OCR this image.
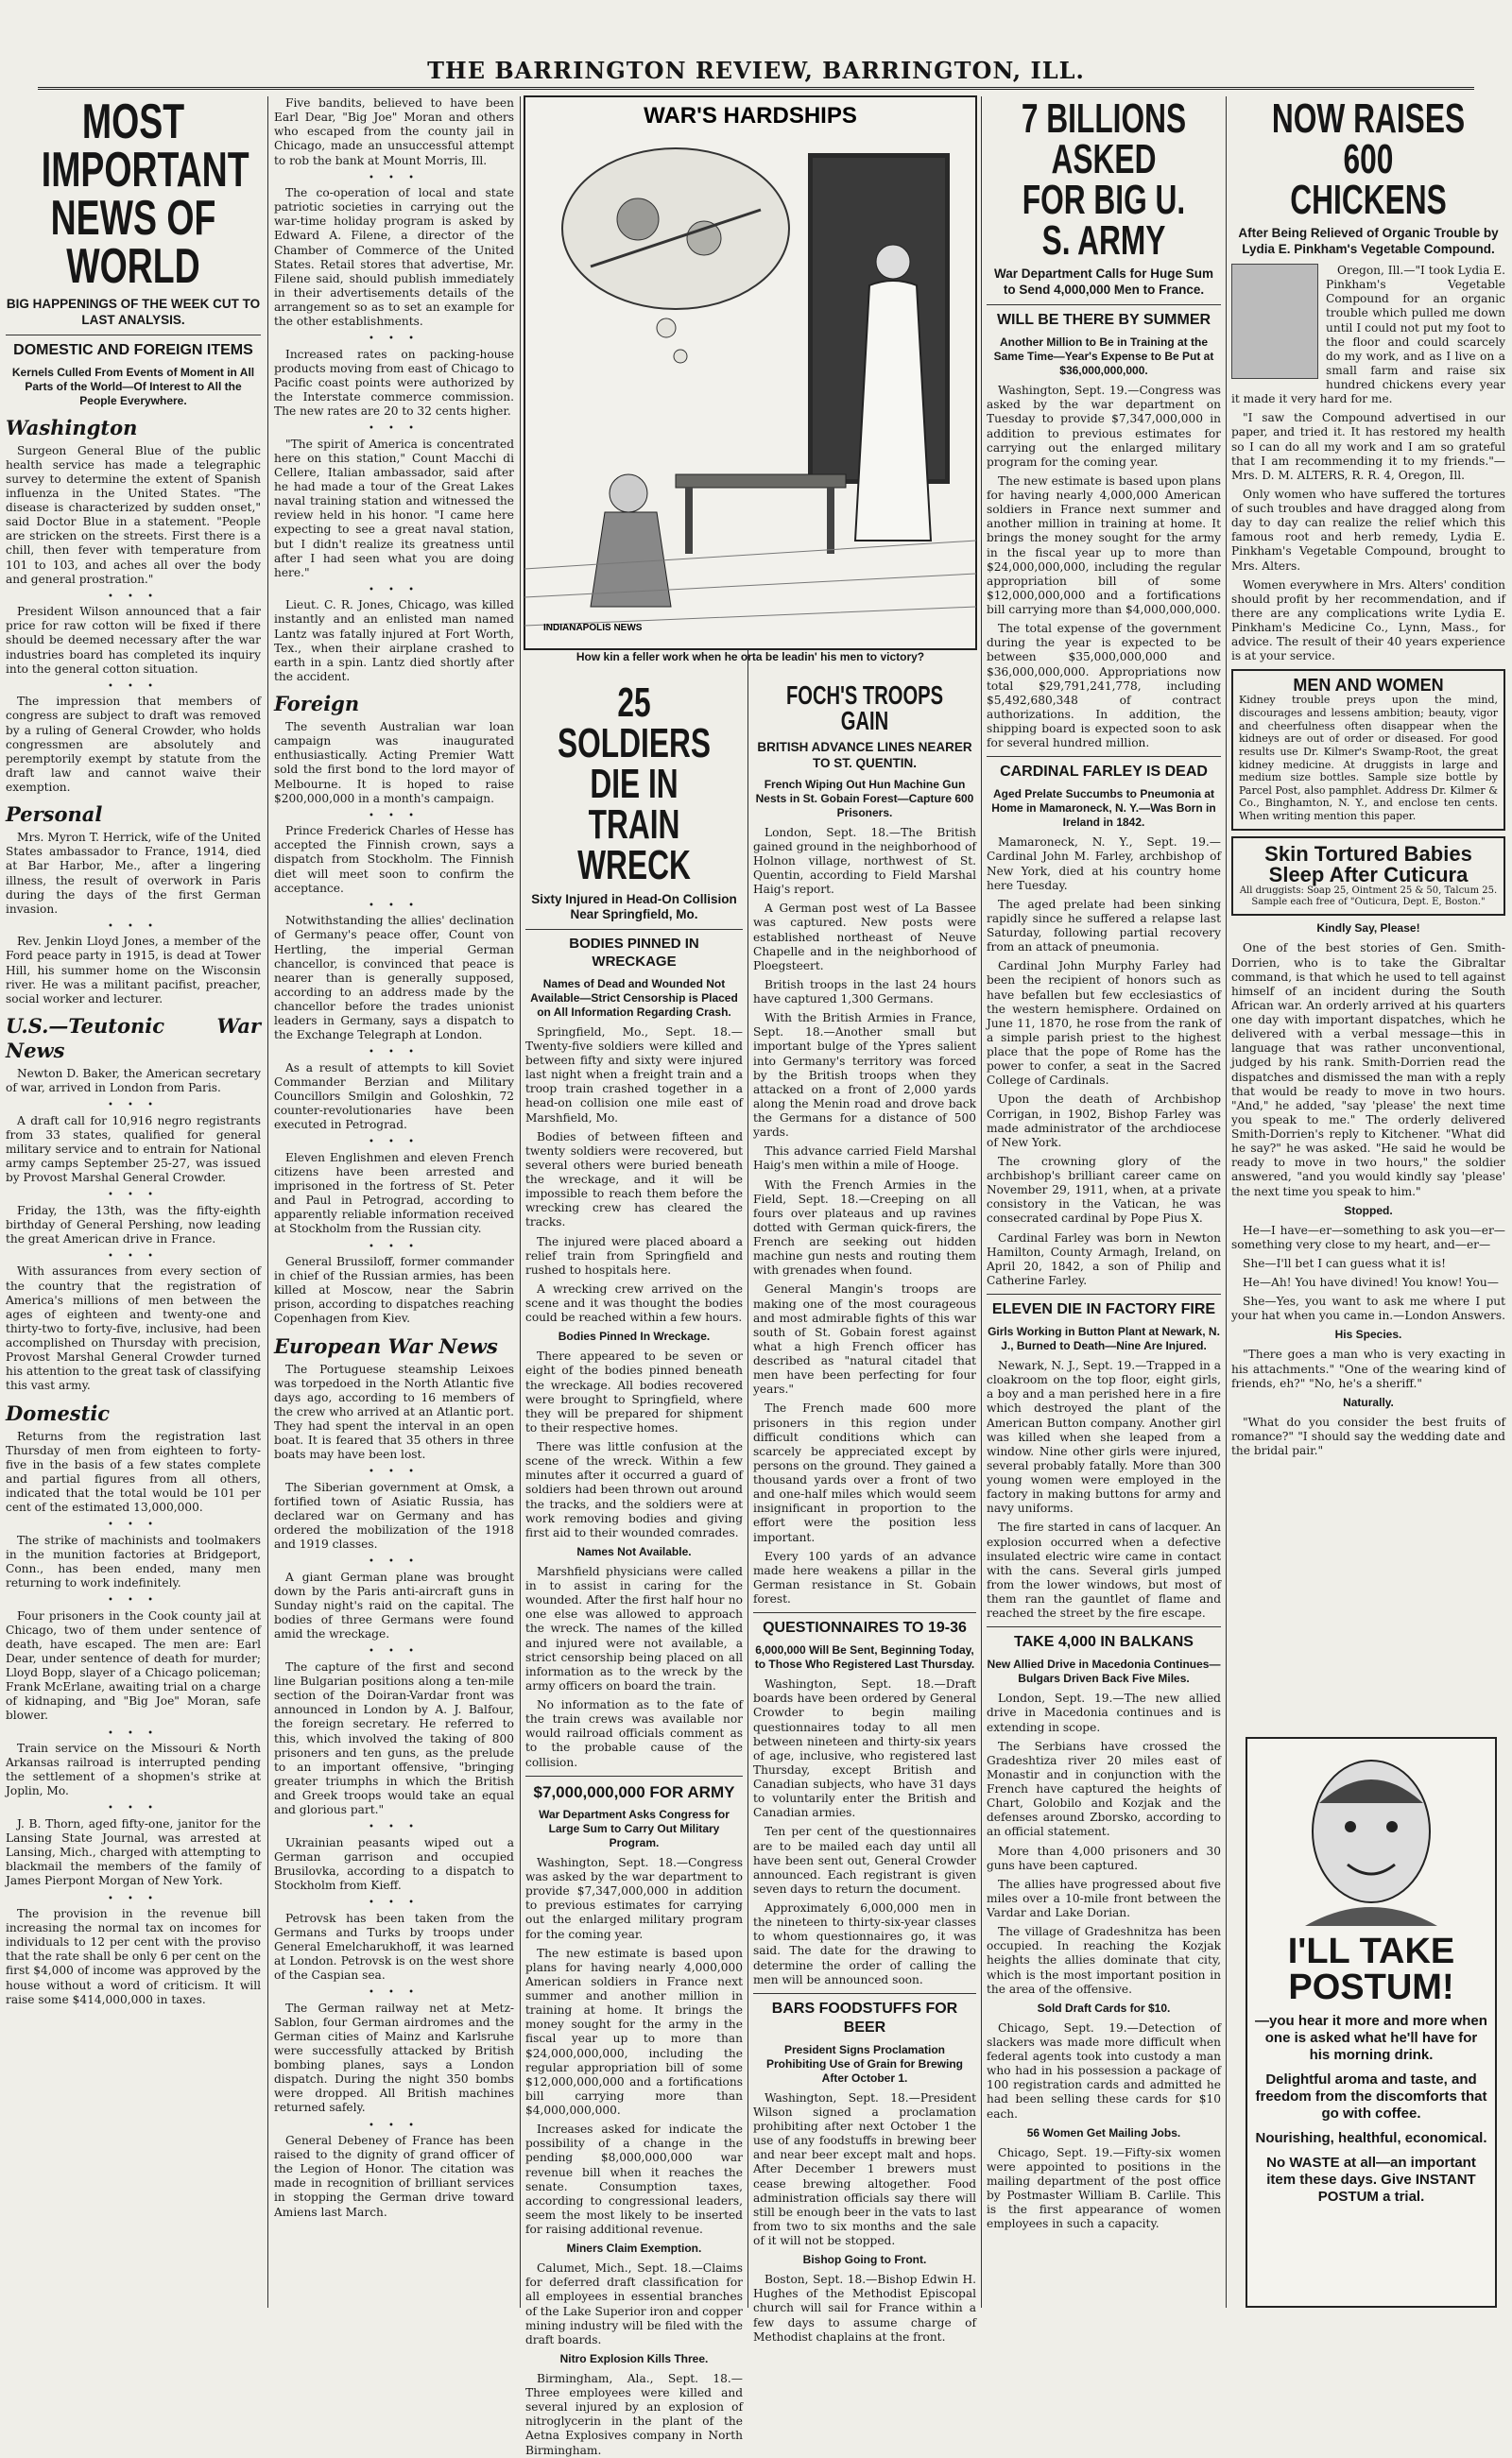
THE BARRINGTON REVIEW, BARRINGTON, ILL.
MOST IMPORTANT NEWS OF WORLD
BIG HAPPENINGS OF THE WEEK CUT TO LAST ANALYSIS.
DOMESTIC AND FOREIGN ITEMS
Kernels Culled From Events of Moment in All Parts of the World—Of Interest to All the People Everywhere.
Washington

Surgeon General Blue of the public health service has made a telegraphic survey to determine the extent of Spanish influenza in the United States. "The disease is characterized by sudden onset," said Doctor Blue in a statement. "People are stricken on the streets. First there is a chill, then fever with temperature from 101 to 103, and aches all over the body and general prostration."

• • •

President Wilson announced that a fair price for raw cotton will be fixed if there should be deemed necessary after the war industries board has completed its inquiry into the general cotton situation.

• • •

The impression that members of congress are subject to draft was removed by a ruling of General Crowder, who holds congressmen are absolutely and peremptorily exempt by statute from the draft law and cannot waive their exemption.

Personal

Mrs. Myron T. Herrick, wife of the United States ambassador to France, 1914, died at Bar Harbor, Me., after a lingering illness, the result of overwork in Paris during the days of the first German invasion.

• • •

Rev. Jenkin Lloyd Jones, a member of the Ford peace party in 1915, is dead at Tower Hill, his summer home on the Wisconsin river. He was a militant pacifist, preacher, social worker and lecturer.

U.S.—Teutonic War News

Newton D. Baker, the American secretary of war, arrived in London from Paris.

• • •

A draft call for 10,916 negro registrants from 33 states, qualified for general military service and to entrain for National army camps September 25-27, was issued by Provost Marshal General Crowder.

• • •

Friday, the 13th, was the fifty-eighth birthday of General Pershing, now leading the great American drive in France.

• • •

With assurances from every section of the country that the registration of America's millions of men between the ages of eighteen and twenty-one and thirty-two to forty-five, inclusive, had been accomplished on Thursday with precision, Provost Marshal General Crowder turned his attention to the great task of classifying this vast army.

Domestic

Returns from the registration last Thursday of men from eighteen to forty-five in the basis of a few states complete and partial figures from all others, indicated that the total would be 101 per cent of the estimated 13,000,000.

• • •

The strike of machinists and toolmakers in the munition factories at Bridgeport, Conn., has been ended, many men returning to work indefinitely.

• • •

Four prisoners in the Cook county jail at Chicago, two of them under sentence of death, have escaped. The men are: Earl Dear, under sentence of death for murder; Lloyd Bopp, slayer of a Chicago policeman; Frank McErlane, awaiting trial on a charge of kidnaping, and "Big Joe" Moran, safe blower.

• • •

Train service on the Missouri & North Arkansas railroad is interrupted pending the settlement of a shopmen's strike at Joplin, Mo.

• • •

J. B. Thorn, aged fifty-one, janitor for the Lansing State Journal, was arrested at Lansing, Mich., charged with attempting to blackmail the members of the family of James Pierpont Morgan of New York.

• • •

The provision in the revenue bill increasing the normal tax on incomes for individuals to 12 per cent with the proviso that the rate shall be only 6 per cent on the first $4,000 of income was approved by the house without a word of criticism. It will raise some $414,000,000 in taxes.

Five bandits, believed to have been Earl Dear, "Big Joe" Moran and others who escaped from the county jail in Chicago, made an unsuccessful attempt to rob the bank at Mount Morris, Ill.

• • •

The co-operation of local and state patriotic societies in carrying out the war-time holiday program is asked by Edward A. Filene, a director of the Chamber of Commerce of the United States. Retail stores that advertise, Mr. Filene said, should publish immediately in their advertisements details of the arrangement so as to set an example for the other establishments.

• • •

Increased rates on packing-house products moving from east of Chicago to Pacific coast points were authorized by the Interstate commerce commission. The new rates are 20 to 32 cents higher.

• • •

"The spirit of America is concentrated here on this station," Count Macchi di Cellere, Italian ambassador, said after he had made a tour of the Great Lakes naval training station and witnessed the review held in his honor. "I came here expecting to see a great naval station, but I didn't realize its greatness until after I had seen what you are doing here."

• • •

Lieut. C. R. Jones, Chicago, was killed instantly and an enlisted man named Lantz was fatally injured at Fort Worth, Tex., when their airplane crashed to earth in a spin. Lantz died shortly after the accident.

Foreign

The seventh Australian war loan campaign was inaugurated enthusiastically. Acting Premier Watt sold the first bond to the lord mayor of Melbourne. It is hoped to raise $200,000,000 in a month's campaign.

• • •

Prince Frederick Charles of Hesse has accepted the Finnish crown, says a dispatch from Stockholm. The Finnish diet will meet soon to confirm the acceptance.

• • •

Notwithstanding the allies' declination of Germany's peace offer, Count von Hertling, the imperial German chancellor, is convinced that peace is nearer than is generally supposed, according to an address made by the chancellor before the trades unionist leaders in Germany, says a dispatch to the Exchange Telegraph at London.

• • •

As a result of attempts to kill Soviet Commander Berzian and Military Councillors Smilgin and Goloshkin, 72 counter-revolutionaries have been executed in Petrograd.

• • •

Eleven Englishmen and eleven French citizens have been arrested and imprisoned in the fortress of St. Peter and Paul in Petrograd, according to apparently reliable information received at Stockholm from the Russian city.

• • •

General Brussiloff, former commander in chief of the Russian armies, has been killed at Moscow, near the Sabrin prison, according to dispatches reaching Copenhagen from Kiev.

European War News

The Portuguese steamship Leixoes was torpedoed in the North Atlantic five days ago, according to 16 members of the crew who arrived at an Atlantic port. They had spent the interval in an open boat. It is feared that 35 others in three boats may have been lost.

• • •

The Siberian government at Omsk, a fortified town of Asiatic Russia, has declared war on Germany and has ordered the mobilization of the 1918 and 1919 classes.

• • •

A giant German plane was brought down by the Paris anti-aircraft guns in Sunday night's raid on the capital. The bodies of three Germans were found amid the wreckage.

• • •

The capture of the first and second line Bulgarian positions along a ten-mile section of the Doiran-Vardar front was announced in London by A. J. Balfour, the foreign secretary. He referred to this, which involved the taking of 800 prisoners and ten guns, as the prelude to an important offensive, "bringing greater triumphs in which the British and Greek troops would take an equal and glorious part."

• • •

Ukrainian peasants wiped out a German garrison and occupied Brusilovka, according to a dispatch to Stockholm from Kieff.

• • •

Petrovsk has been taken from the Germans and Turks by troops under General Emelcharukhoff, it was learned at London. Petrovsk is on the west shore of the Caspian sea.

• • •

The German railway net at Metz-Sablon, four German airdromes and the German cities of Mainz and Karlsruhe were successfully attacked by British bombing planes, says a London dispatch. During the night 350 bombs were dropped. All British machines returned safely.

• • •

General Debeney of France has been raised to the dignity of grand officer of the Legion of Honor. The citation was made in recognition of brilliant services in stopping the German drive toward Amiens last March.

WAR'S HARDSHIPS
INDIANAPOLIS NEWS
How kin a feller work when he orta be leadin' his men to victory?
25 SOLDIERS DIE IN TRAIN WRECK
Sixty Injured in Head-On Collision Near Springfield, Mo.
BODIES PINNED IN WRECKAGE
Names of Dead and Wounded Not Available—Strict Censorship is Placed on All Information Regarding Crash.

Springfield, Mo., Sept. 18.—Twenty-five soldiers were killed and between fifty and sixty were injured last night when a freight train and a troop train crashed together in a head-on collision one mile east of Marshfield, Mo.

Bodies of between fifteen and twenty soldiers were recovered, but several others were buried beneath the wreckage, and it will be impossible to reach them before the wrecking crew has cleared the tracks.

The injured were placed aboard a relief train from Springfield and rushed to hospitals here.

A wrecking crew arrived on the scene and it was thought the bodies could be reached within a few hours.

Bodies Pinned In Wreckage.

There appeared to be seven or eight of the bodies pinned beneath the wreckage. All bodies recovered were brought to Springfield, where they will be prepared for shipment to their respective homes.

There was little confusion at the scene of the wreck. Within a few minutes after it occurred a guard of soldiers had been thrown out around the tracks, and the soldiers were at work removing bodies and giving first aid to their wounded comrades.

Names Not Available.

Marshfield physicians were called in to assist in caring for the wounded. After the first half hour no one else was allowed to approach the wreck. The names of the killed and injured were not available, a strict censorship being placed on all information as to the wreck by the army officers on board the train.

No information as to the fate of the train crews was available nor would railroad officials comment as to the probable cause of the collision.

$7,000,000,000 FOR ARMY
War Department Asks Congress for Large Sum to Carry Out Military Program.

Washington, Sept. 18.—Congress was asked by the war department to provide $7,347,000,000 in addition to previous estimates for carrying out the enlarged military program for the coming year.

The new estimate is based upon plans for having nearly 4,000,000 American soldiers in France next summer and another million in training at home. It brings the money sought for the army in the fiscal year up to more than $24,000,000,000, including the regular appropriation bill of some $12,000,000,000 and a fortifications bill carrying more than $4,000,000,000.

Increases asked for indicate the possibility of a change in the pending $8,000,000,000 war revenue bill when it reaches the senate. Consumption taxes, according to congressional leaders, seem the most likely to be inserted for raising additional revenue.

Miners Claim Exemption.

Calumet, Mich., Sept. 18.—Claims for deferred draft classification for all employees in essential branches of the Lake Superior iron and copper mining industry will be filed with the draft boards.

Nitro Explosion Kills Three.

Birmingham, Ala., Sept. 18.—Three employees were killed and several injured by an explosion of nitroglycerin in the plant of the Aetna Explosives company in North Birmingham.

FOCH'S TROOPS GAIN
BRITISH ADVANCE LINES NEARER TO ST. QUENTIN.
French Wiping Out Hun Machine Gun Nests in St. Gobain Forest—Capture 600 Prisoners.

London, Sept. 18.—The British gained ground in the neighborhood of Holnon village, northwest of St. Quentin, according to Field Marshal Haig's report.

A German post west of La Bassee was captured. New posts were established northeast of Neuve Chapelle and in the neighborhood of Ploegsteert.

British troops in the last 24 hours have captured 1,300 Germans.

With the British Armies in France, Sept. 18.—Another small but important bulge of the Ypres salient into Germany's territory was forced by the British troops when they attacked on a front of 2,000 yards along the Menin road and drove back the Germans for a distance of 500 yards.

This advance carried Field Marshal Haig's men within a mile of Hooge.

With the French Armies in the Field, Sept. 18.—Creeping on all fours over plateaus and up ravines dotted with German quick-firers, the French are seeking out hidden machine gun nests and routing them with grenades when found.

General Mangin's troops are making one of the most courageous and most admirable fights of this war south of St. Gobain forest against what a high French officer has described as "natural citadel that men have been perfecting for four years."

The French made 600 more prisoners in this region under difficult conditions which can scarcely be appreciated except by persons on the ground. They gained a thousand yards over a front of two and one-half miles which would seem insignificant in proportion to the effort were the position less important.

Every 100 yards of an advance made here weakens a pillar in the German resistance in St. Gobain forest.

QUESTIONNAIRES TO 19-36
6,000,000 Will Be Sent, Beginning Today, to Those Who Registered Last Thursday.

Washington, Sept. 18.—Draft boards have been ordered by General Crowder to begin mailing questionnaires today to all men between nineteen and thirty-six years of age, inclusive, who registered last Thursday, except British and Canadian subjects, who have 31 days to voluntarily enter the British and Canadian armies.

Ten per cent of the questionnaires are to be mailed each day until all have been sent out, General Crowder announced. Each registrant is given seven days to return the document.

Approximately 6,000,000 men in the nineteen to thirty-six-year classes to whom questionnaires go, it was said. The date for the drawing to determine the order of calling the men will be announced soon.

BARS FOODSTUFFS FOR BEER
President Signs Proclamation Prohibiting Use of Grain for Brewing After October 1.

Washington, Sept. 18.—President Wilson signed a proclamation prohibiting after next October 1 the use of any foodstuffs in brewing beer and near beer except malt and hops. After December 1 brewers must cease brewing altogether. Food administration officials say there will still be enough beer in the vats to last from two to six months and the sale of it will not be stopped.

Bishop Going to Front.

Boston, Sept. 18.—Bishop Edwin H. Hughes of the Methodist Episcopal church will sail for France within a few days to assume charge of Methodist chaplains at the front.

7 BILLIONS ASKED FOR BIG U. S. ARMY
War Department Calls for Huge Sum to Send 4,000,000 Men to France.
WILL BE THERE BY SUMMER
Another Million to Be in Training at the Same Time—Year's Expense to Be Put at $36,000,000,000.

Washington, Sept. 19.—Congress was asked by the war department on Tuesday to provide $7,347,000,000 in addition to previous estimates for carrying out the enlarged military program for the coming year.

The new estimate is based upon plans for having nearly 4,000,000 American soldiers in France next summer and another million in training at home. It brings the money sought for the army in the fiscal year up to more than $24,000,000,000, including the regular appropriation bill of some $12,000,000,000 and a fortifications bill carrying more than $4,000,000,000.

The total expense of the government during the year is expected to be between $35,000,000,000 and $36,000,000,000. Appropriations now total $29,791,241,778, including $5,492,680,348 of contract authorizations. In addition, the shipping board is expected soon to ask for several hundred million.

CARDINAL FARLEY IS DEAD
Aged Prelate Succumbs to Pneumonia at Home in Mamaroneck, N. Y.—Was Born in Ireland in 1842.

Mamaroneck, N. Y., Sept. 19.—Cardinal John M. Farley, archbishop of New York, died at his country home here Tuesday.

The aged prelate had been sinking rapidly since he suffered a relapse last Saturday, following partial recovery from an attack of pneumonia.

Cardinal John Murphy Farley had been the recipient of honors such as have befallen but few ecclesiastics of the western hemisphere. Ordained on June 11, 1870, he rose from the rank of a simple parish priest to the highest place that the pope of Rome has the power to confer, a seat in the Sacred College of Cardinals.

Upon the death of Archbishop Corrigan, in 1902, Bishop Farley was made administrator of the archdiocese of New York.

The crowning glory of the archbishop's brilliant career came on November 29, 1911, when, at a private consistory in the Vatican, he was consecrated cardinal by Pope Pius X.

Cardinal Farley was born in Newton Hamilton, County Armagh, Ireland, on April 20, 1842, a son of Philip and Catherine Farley.

ELEVEN DIE IN FACTORY FIRE
Girls Working in Button Plant at Newark, N. J., Burned to Death—Nine Are Injured.

Newark, N. J., Sept. 19.—Trapped in a cloakroom on the top floor, eight girls, a boy and a man perished here in a fire which destroyed the plant of the American Button company. Another girl was killed when she leaped from a window. Nine other girls were injured, several probably fatally. More than 300 young women were employed in the factory in making buttons for army and navy uniforms.

The fire started in cans of lacquer. An explosion occurred when a defective insulated electric wire came in contact with the cans. Several girls jumped from the lower windows, but most of them ran the gauntlet of flame and reached the street by the fire escape.

TAKE 4,000 IN BALKANS
New Allied Drive in Macedonia Continues—Bulgars Driven Back Five Miles.

London, Sept. 19.—The new allied drive in Macedonia continues and is extending in scope.

The Serbians have crossed the Gradeshtiza river 20 miles east of Monastir and in conjunction with the French have captured the heights of Chart, Golobilo and Kozjak and the defenses around Zborsko, according to an official statement.

More than 4,000 prisoners and 30 guns have been captured.

The allies have progressed about five miles over a 10-mile front between the Vardar and Lake Dorian.

The village of Gradeshnitza has been occupied. In reaching the Kozjak heights the allies dominate that city, which is the most important position in the area of the offensive.

Sold Draft Cards for $10.

Chicago, Sept. 19.—Detection of slackers was made more difficult when federal agents took into custody a man who had in his possession a package of 100 registration cards and admitted he had been selling these cards for $10 each.

56 Women Get Mailing Jobs.

Chicago, Sept. 19.—Fifty-six women were appointed to positions in the mailing department of the post office by Postmaster William B. Carlile. This is the first appearance of women employees in such a capacity.

NOW RAISES 600 CHICKENS
After Being Relieved of Organic Trouble by Lydia E. Pinkham's Vegetable Compound.

Oregon, Ill.—"I took Lydia E. Pinkham's Vegetable Compound for an organic trouble which pulled me down until I could not put my foot to the floor and could scarcely do my work, and as I live on a small farm and raise six hundred chickens every year it made it very hard for me.

"I saw the Compound advertised in our paper, and tried it. It has restored my health so I can do all my work and I am so grateful that I am recommending it to my friends."—Mrs. D. M. ALTERS, R. R. 4, Oregon, Ill.

Only women who have suffered the tortures of such troubles and have dragged along from day to day can realize the relief which this famous root and herb remedy, Lydia E. Pinkham's Vegetable Compound, brought to Mrs. Alters.

Women everywhere in Mrs. Alters' condition should profit by her recommendation, and if there are any complications write Lydia E. Pinkham's Medicine Co., Lynn, Mass., for advice. The result of their 40 years experience is at your service.

MEN AND WOMEN
Kidney trouble preys upon the mind, discourages and lessens ambition; beauty, vigor and cheerfulness often disappear when the kidneys are out of order or diseased. For good results use Dr. Kilmer's Swamp-Root, the great kidney medicine. At druggists in large and medium size bottles. Sample size bottle by Parcel Post, also pamphlet. Address Dr. Kilmer & Co., Binghamton, N. Y., and enclose ten cents. When writing mention this paper.
Skin Tortured Babies Sleep After Cuticura
All druggists: Soap 25, Ointment 25 & 50, Talcum 25. Sample each free of "Outicura, Dept. E, Boston."
Kindly Say, Please!

One of the best stories of Gen. Smith-Dorrien, who is to take the Gibraltar command, is that which he used to tell against himself of an incident during the South African war. An orderly arrived at his quarters one day with important dispatches, which he delivered with a verbal message—this in language that was rather unconventional, judged by his rank. Smith-Dorrien read the dispatches and dismissed the man with a reply that would be ready to move in two hours. "And," he added, "say 'please' the next time you speak to me." The orderly delivered Smith-Dorrien's reply to Kitchener. "What did he say?" he was asked. "He said he would be ready to move in two hours," the soldier answered, "and you would kindly say 'please' the next time you speak to him."

Stopped.

He—I have—er—something to ask you—er—something very close to my heart, and—er—

She—I'll bet I can guess what it is!

He—Ah! You have divined! You know! You—

She—Yes, you want to ask me where I put your hat when you came in.—London Answers.

His Species.

"There goes a man who is very exacting in his attachments." "One of the wearing kind of friends, eh?" "No, he's a sheriff."

Naturally.

"What do you consider the best fruits of romance?" "I should say the wedding date and the bridal pair."

I'LL TAKE POSTUM!
—you hear it more and more when one is asked what he'll have for his morning drink.
Delightful aroma and taste, and freedom from the discomforts that go with coffee.
Nourishing, healthful, economical.
No WASTE at all—an important item these days. Give INSTANT POSTUM a trial.
